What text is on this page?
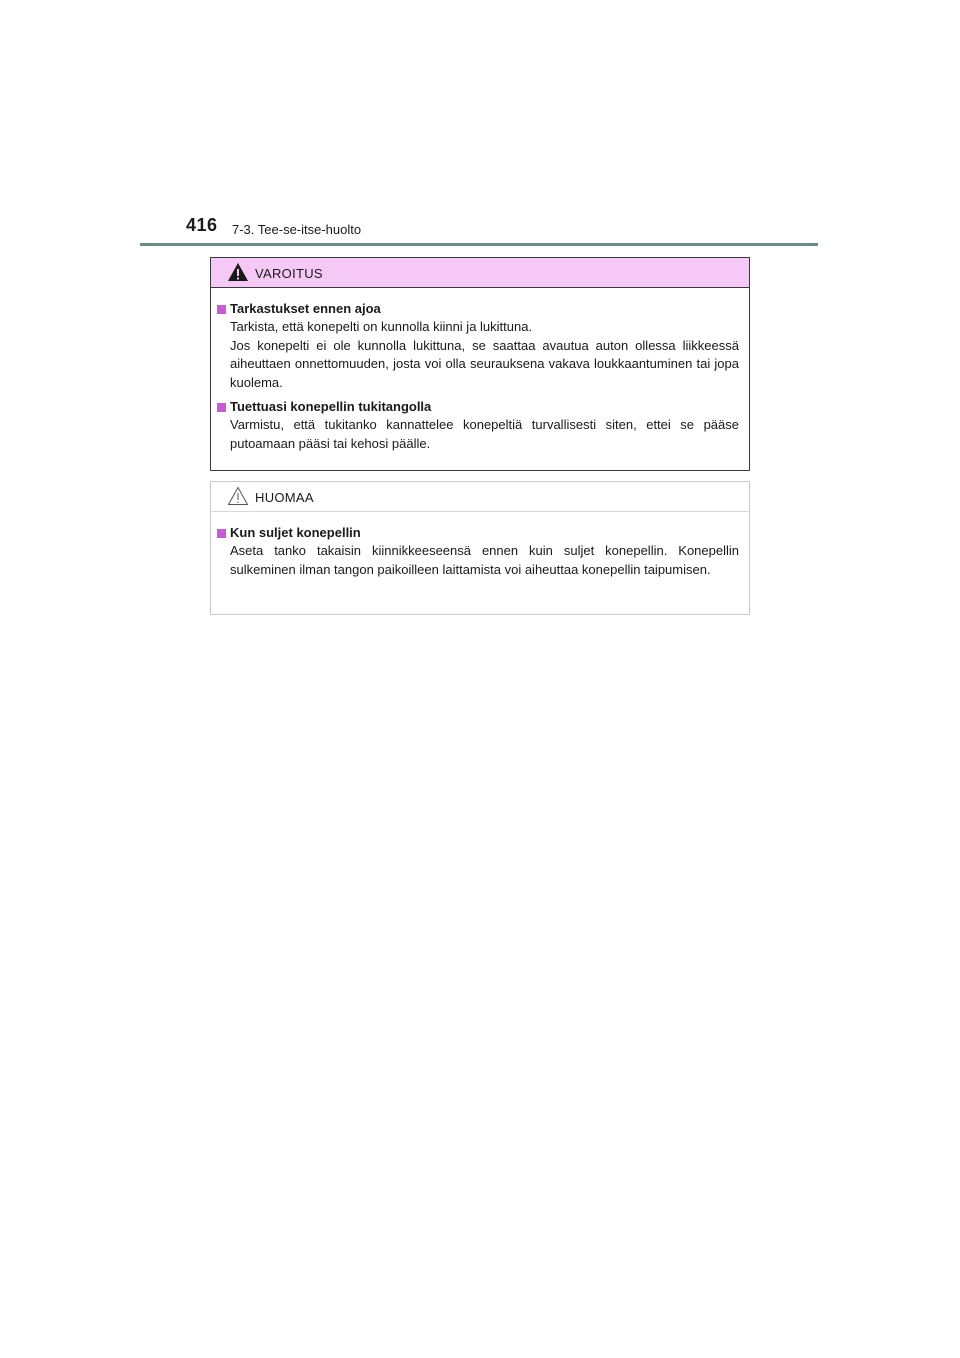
416 7-3. Tee-se-itse-huolto
VAROITUS
Tarkastukset ennen ajoa

Tarkista, että konepelti on kunnolla kiinni ja lukittuna.

Jos konepelti ei ole kunnolla lukittuna, se saattaa avautua auton ollessa liikkeessä aiheuttaen onnettomuuden, josta voi olla seurauksena vakava loukkaantuminen tai jopa kuolema.

Tuettuasi konepellin tukitangolla

Varmistu, että tukitanko kannattelee konepeltiä turvallisesti siten, ettei se pääse putoamaan pääsi tai kehosi päälle.

HUOMAA
Kun suljet konepellin

Aseta tanko takaisin kiinnikkeeseensä ennen kuin suljet konepellin. Konepellin sulkeminen ilman tangon paikoilleen laittamista voi aiheuttaa konepellin taipumisen.
